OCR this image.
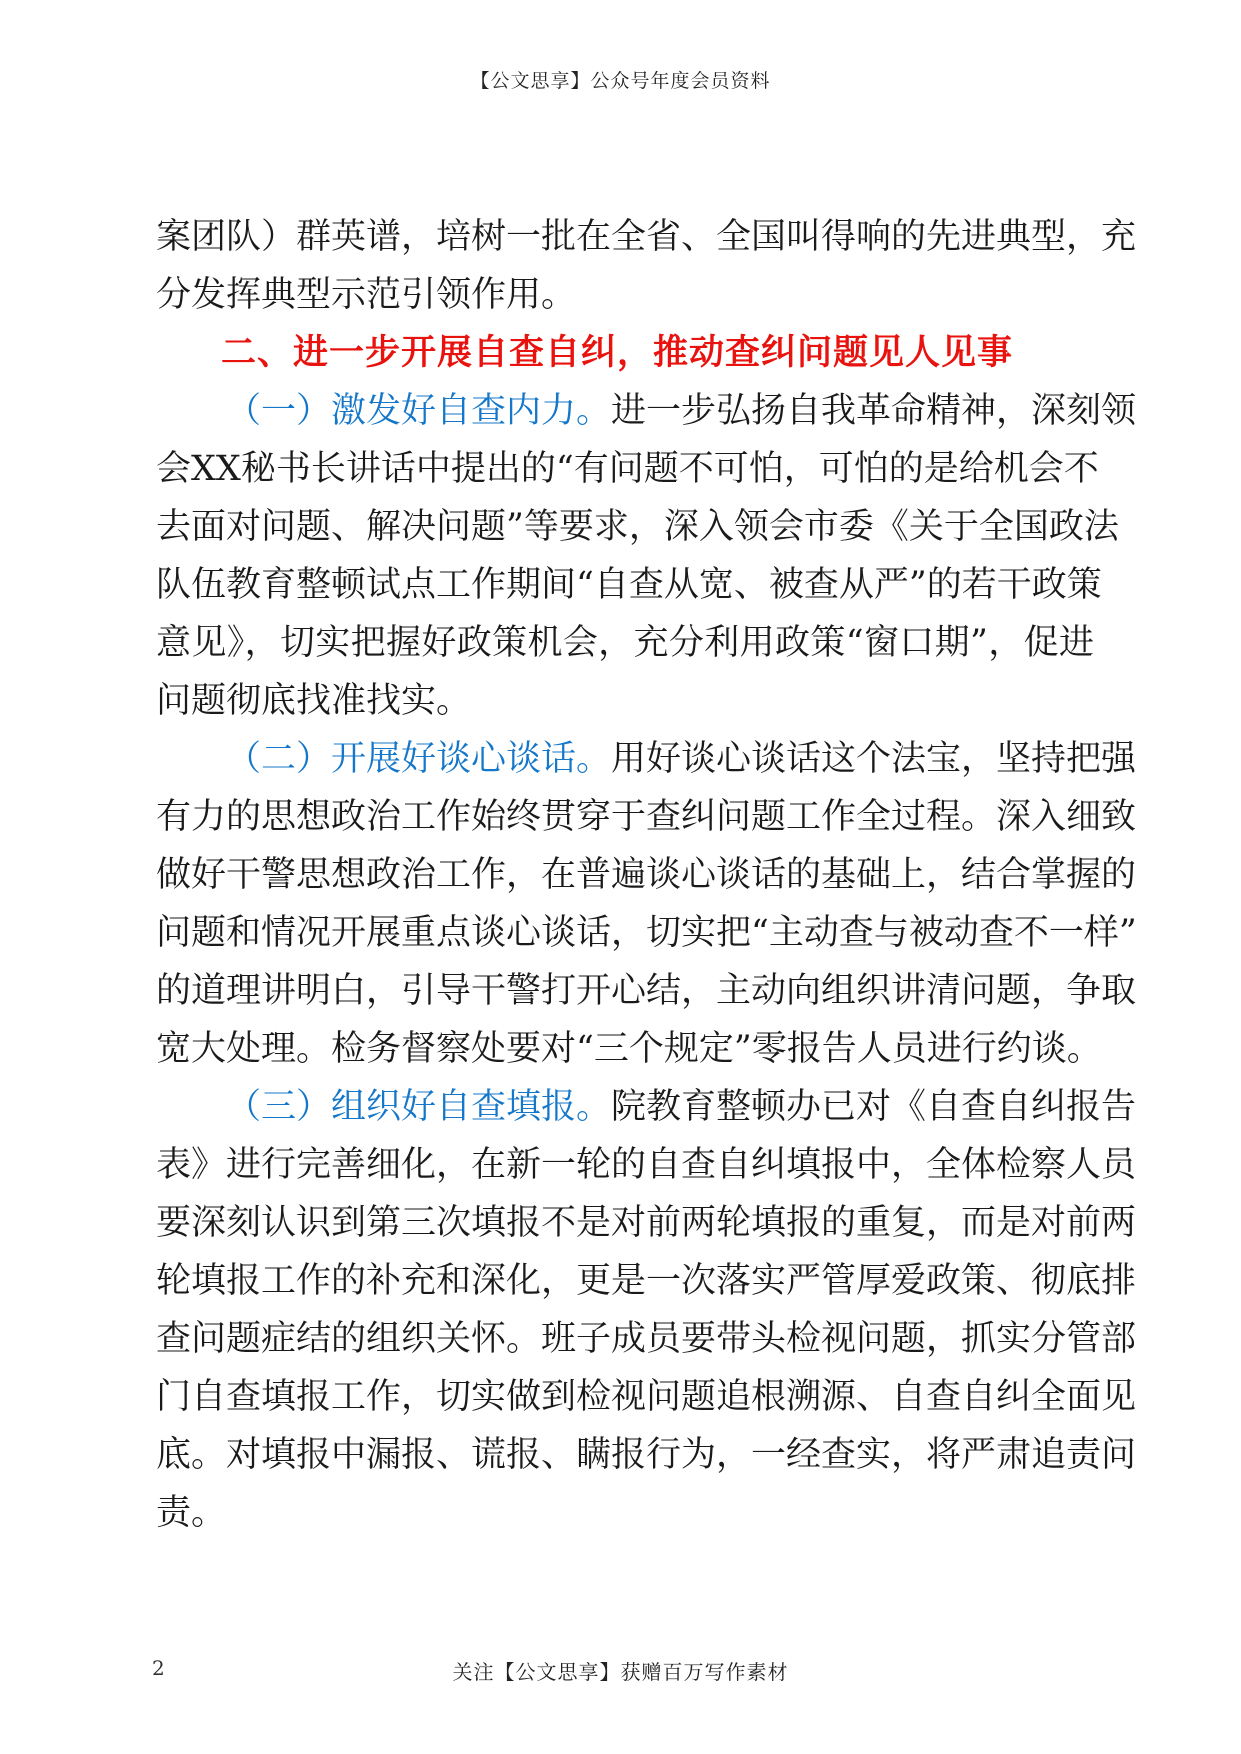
【公文思享】公众号年度会员资料
案团队）群英谱，培树一批在全省、全国叫得响的先进典型，充
分发挥典型示范引领作用。
二、进一步开展自查自纠，推动查纠问题见人见事
（一）激发好自查内力。进一步弘扬自我革命精神，深刻领
会XX秘书长讲话中提出的“有问题不可怕，可怕的是给机会不
去面对问题、解决问题”等要求，深入领会市委《关于全国政法
队伍教育整顿试点工作期间“自查从宽、被查从严”的若干政策
意见》，切实把握好政策机会，充分利用政策“窗口期”，促进
问题彻底找准找实。
（二）开展好谈心谈话。用好谈心谈话这个法宝，坚持把强
有力的思想政治工作始终贯穿于查纠问题工作全过程。深入细致
做好干警思想政治工作，在普遍谈心谈话的基础上，结合掌握的
问题和情况开展重点谈心谈话，切实把“主动查与被动查不一样”
的道理讲明白，引导干警打开心结，主动向组织讲清问题，争取
宽大处理。检务督察处要对“三个规定”零报告人员进行约谈。
（三）组织好自查填报。院教育整顿办已对《自查自纠报告
表》进行完善细化，在新一轮的自查自纠填报中，全体检察人员
要深刻认识到第三次填报不是对前两轮填报的重复，而是对前两
轮填报工作的补充和深化，更是一次落实严管厚爱政策、彻底排
查问题症结的组织关怀。班子成员要带头检视问题，抓实分管部
门自查填报工作，切实做到检视问题追根溯源、自查自纠全面见
底。对填报中漏报、谎报、瞒报行为，一经查实，将严肃追责问
责。
2	关注【公文思享】获赠百万写作素材
